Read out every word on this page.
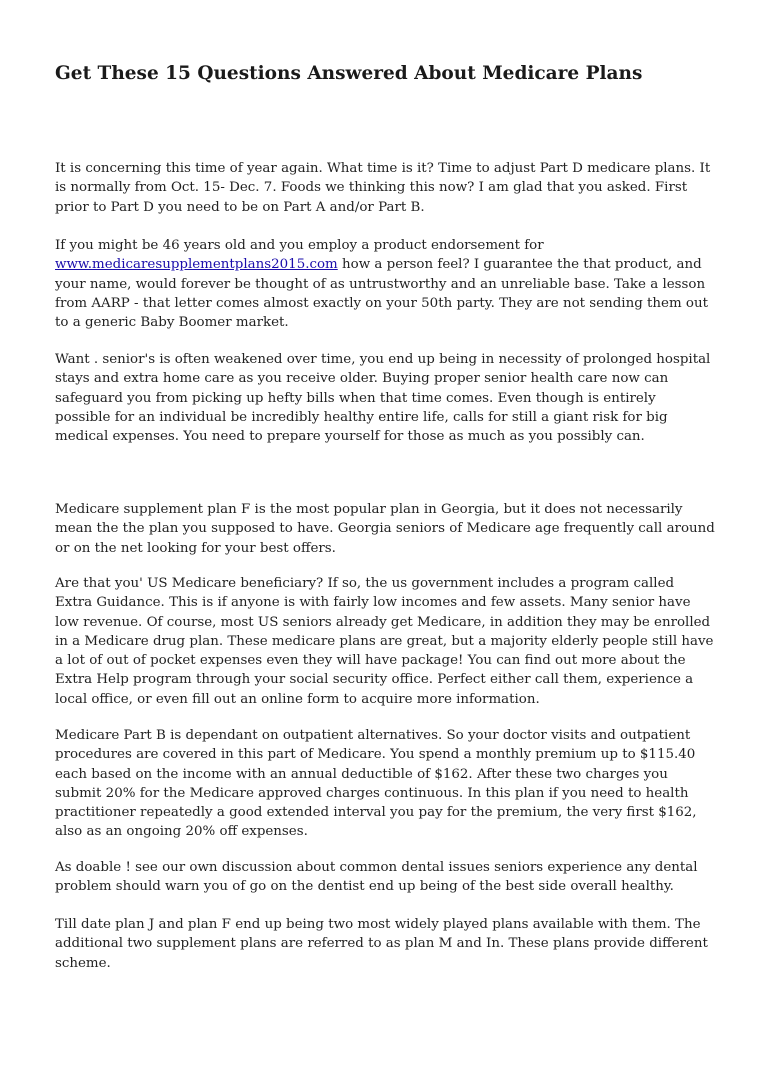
Get These 15 Questions Answered About Medicare Plans

It is concerning this time of year again. What time is it? Time to adjust Part D medicare plans. It is normally from Oct. 15- Dec. 7. Foods we thinking this now? I am glad that you asked. First prior to Part D you need to be on Part A and/or Part B.

If you might be 46 years old and you employ a product endorsement for www.medicaresupplementplans2015.com how a person feel? I guarantee the that product, and your name, would forever be thought of as untrustworthy and an unreliable base. Take a lesson from AARP - that letter comes almost exactly on your 50th party. They are not sending them out to a generic Baby Boomer market.

Want . senior's is often weakened over time, you end up being in necessity of prolonged hospital stays and extra home care as you receive older. Buying proper senior health care now can safeguard you from picking up hefty bills when that time comes. Even though is entirely possible for an individual be incredibly healthy entire life, calls for still a giant risk for big medical expenses. You need to prepare yourself for those as much as you possibly can.

Medicare supplement plan F is the most popular plan in Georgia, but it does not necessarily mean the the plan you supposed to have. Georgia seniors of Medicare age frequently call around or on the net looking for your best offers.

Are that you' US Medicare beneficiary? If so, the us government includes a program called Extra Guidance. This is if anyone is with fairly low incomes and few assets. Many senior have low revenue. Of course, most US seniors already get Medicare, in addition they may be enrolled in a Medicare drug plan. These medicare plans are great, but a majority elderly people still have a lot of out of pocket expenses even they will have package! You can find out more about the Extra Help program through your social security office. Perfect either call them, experience a local office, or even fill out an online form to acquire more information.

Medicare Part B is dependant on outpatient alternatives. So your doctor visits and outpatient procedures are covered in this part of Medicare. You spend a monthly premium up to $115.40 each based on the income with an annual deductible of $162. After these two charges you submit 20% for the Medicare approved charges continuous. In this plan if you need to health practitioner repeatedly a good extended interval you pay for the premium, the very first $162, also as an ongoing 20% off expenses.

As doable ! see our own discussion about common dental issues seniors experience any dental problem should warn you of go on the dentist end up being of the best side overall healthy.

Till date plan J and plan F end up being two most widely played plans available with them. The additional two supplement plans are referred to as plan M and In. These plans provide different scheme.
